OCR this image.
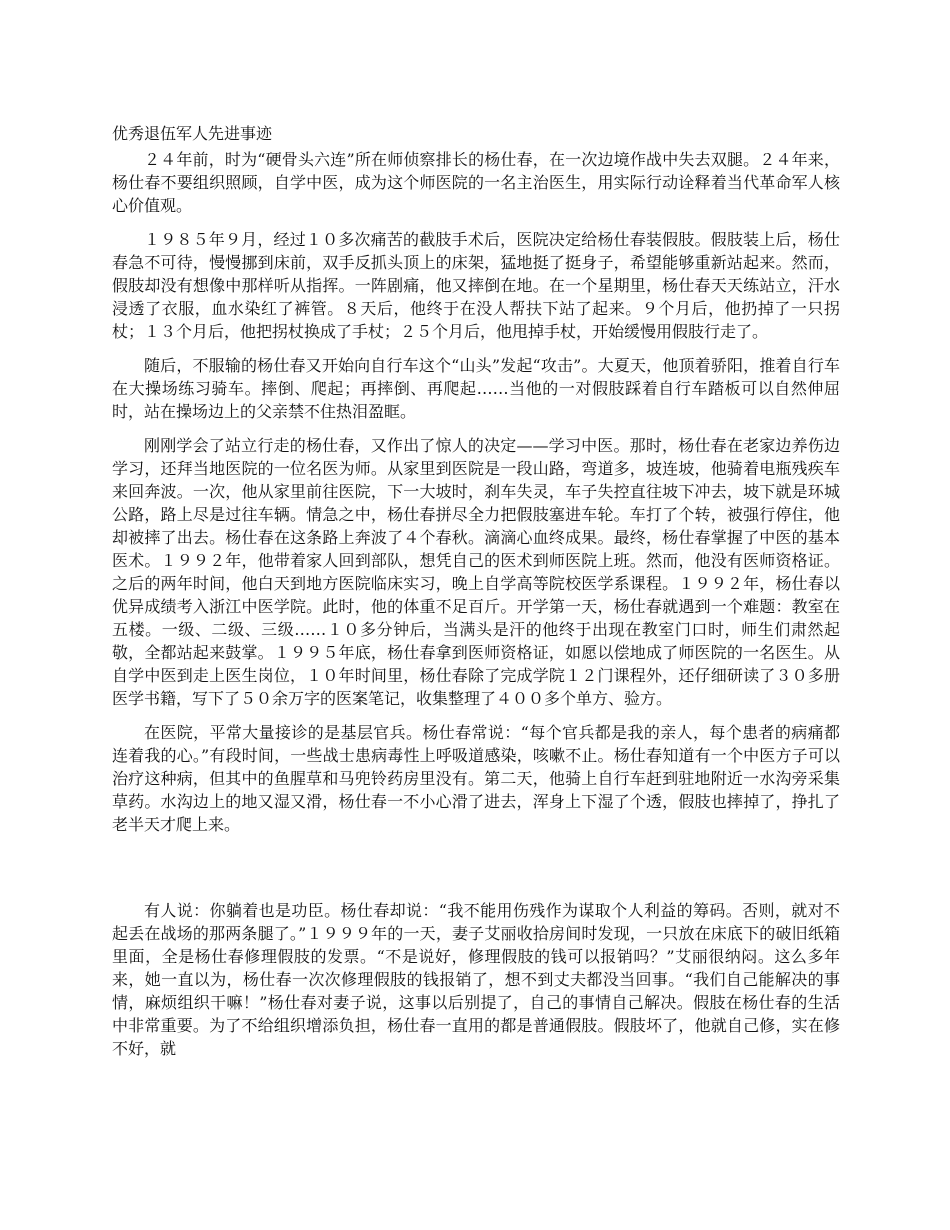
优秀退伍军人先进事迹

２４年前，时为“硬骨头六连”所在师侦察排长的杨仕春，在一次边境作战中失去双腿。２４年来，杨仕春不要组织照顾，自学中医，成为这个师医院的一名主治医生，用实际行动诠释着当代革命军人核心价值观。

１９８５年９月，经过１０多次痛苦的截肢手术后，医院决定给杨仕春装假肢。假肢装上后，杨仕春急不可待，慢慢挪到床前，双手反抓头顶上的床架，猛地挺了挺身子，希望能够重新站起来。然而，假肢却没有想像中那样听从指挥。一阵剧痛，他又摔倒在地。在一个星期里，杨仕春天天练站立，汗水浸透了衣服，血水染红了裤管。８天后，他终于在没人帮扶下站了起来。９个月后，他扔掉了一只拐杖；１３个月后，他把拐杖换成了手杖；２５个月后，他甩掉手杖，开始缓慢用假肢行走了。

随后，不服输的杨仕春又开始向自行车这个“山头”发起“攻击”。大夏天，他顶着骄阳，推着自行车在大操场练习骑车。摔倒、爬起；再摔倒、再爬起……当他的一对假肢踩着自行车踏板可以自然伸屈时，站在操场边上的父亲禁不住热泪盈眶。

刚刚学会了站立行走的杨仕春，又作出了惊人的决定——学习中医。那时，杨仕春在老家边养伤边学习，还拜当地医院的一位名医为师。从家里到医院是一段山路，弯道多，坡连坡，他骑着电瓶残疾车来回奔波。一次，他从家里前往医院，下一大坡时，刹车失灵，车子失控直往坡下冲去，坡下就是环城公路，路上尽是过往车辆。情急之中，杨仕春拼尽全力把假肢塞进车轮。车打了个转，被强行停住，他却被摔了出去。杨仕春在这条路上奔波了４个春秋。滴滴心血终成果。最终，杨仕春掌握了中医的基本医术。１９９２年，他带着家人回到部队，想凭自己的医术到师医院上班。然而，他没有医师资格证。之后的两年时间，他白天到地方医院临床实习，晚上自学高等院校医学系课程。１９９２年，杨仕春以优异成绩考入浙江中医学院。此时，他的体重不足百斤。开学第一天，杨仕春就遇到一个难题：教室在五楼。一级、二级、三级……１０多分钟后，当满头是汗的他终于出现在教室门口时，师生们肃然起敬，全都站起来鼓掌。１９９５年底，杨仕春拿到医师资格证，如愿以偿地成了师医院的一名医生。从自学中医到走上医生岗位，１０年时间里，杨仕春除了完成学院１２门课程外，还仔细研读了３０多册医学书籍，写下了５０余万字的医案笔记，收集整理了４００多个单方、验方。

在医院，平常大量接诊的是基层官兵。杨仕春常说：“每个官兵都是我的亲人，每个患者的病痛都连着我的心。”有段时间，一些战士患病毒性上呼吸道感染，咳嗽不止。杨仕春知道有一个中医方子可以治疗这种病，但其中的鱼腥草和马兜铃药房里没有。第二天，他骑上自行车赶到驻地附近一水沟旁采集草药。水沟边上的地又湿又滑，杨仕春一不小心滑了进去，浑身上下湿了个透，假肢也摔掉了，挣扎了老半天才爬上来。

有人说：你躺着也是功臣。杨仕春却说：“我不能用伤残作为谋取个人利益的筹码。否则，就对不起丢在战场的那两条腿了。”１９９９年的一天，妻子艾丽收拾房间时发现，一只放在床底下的破旧纸箱里面，全是杨仕春修理假肢的发票。“不是说好，修理假肢的钱可以报销吗？”艾丽很纳闷。这么多年来，她一直以为，杨仕春一次次修理假肢的钱报销了，想不到丈夫都没当回事。“我们自己能解决的事情，麻烦组织干嘛！”杨仕春对妻子说，这事以后别提了，自己的事情自己解决。假肢在杨仕春的生活中非常重要。为了不给组织增添负担，杨仕春一直用的都是普通假肢。假肢坏了，他就自己修，实在修不好，就
